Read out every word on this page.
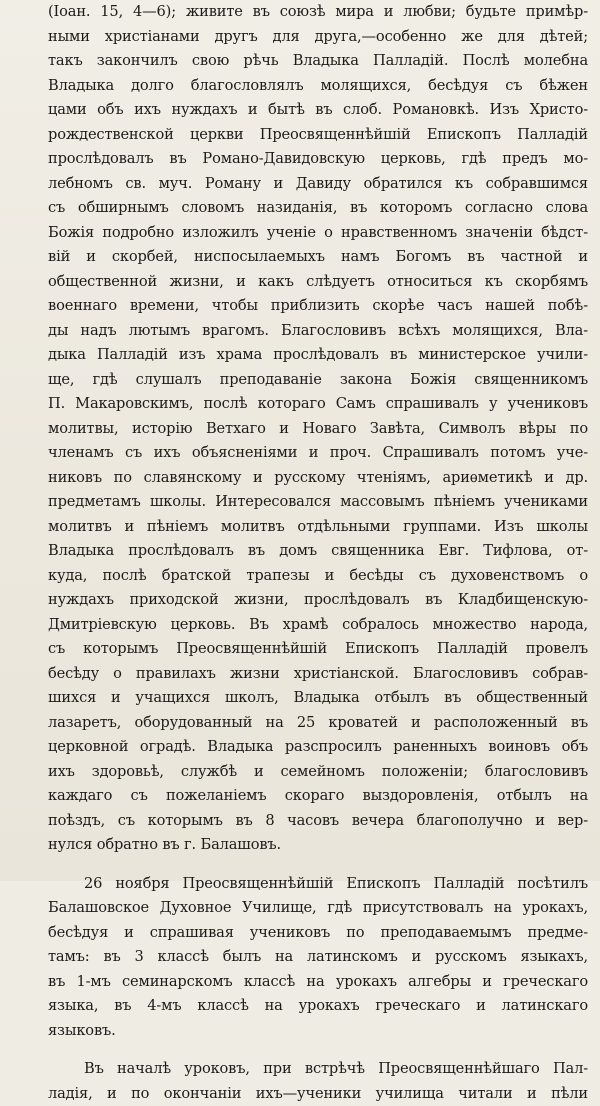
(Іоан. 15, 4—6); живите въ союзѣ мира и любви; будьте примѣр-
ными христіанами другъ для друга,—особенно же для дѣтей;
такъ закончилъ свою рѣчь Владыка Палладій. Послѣ молебна
Владыка долго благословлялъ молящихся, бесѣдуя съ бѣжен
цами объ ихъ нуждахъ и бытѣ въ слоб. Романовкѣ. Изъ Христо-
рождественской церкви Преосвященнѣйшій Епископъ Палладій
прослѣдовалъ въ Романо-Давидовскую церковь, гдѣ предъ мо-
лебномъ св. муч. Роману и Давиду обратился къ собравшимся
съ обширнымъ словомъ назиданія, въ которомъ согласно слова
Божія подробно изложилъ ученіе о нравственномъ значеніи бѣдст-
вій и скорбей, ниспосылаемыхъ намъ Богомъ въ частной и
общественной жизни, и какъ слѣдуетъ относиться къ скорбямъ
военнаго времени, чтобы приблизить скорѣе часъ нашей побѣ-
ды надъ лютымъ врагомъ. Благословивъ всѣхъ молящихся, Вла-
дыка Палладій изъ храма прослѣдовалъ въ министерское учили-
ще, гдѣ слушалъ преподаваніе закона Божія священникомъ
П. Макаровскимъ, послѣ котораго Самъ спрашивалъ у учениковъ
молитвы, исторію Ветхаго и Новаго Завѣта, Символъ вѣры по
членамъ съ ихъ объясненіями и проч. Спрашивалъ потомъ уче-
никовъ по славянскому и русскому чтеніямъ, ариѳметикѣ и др.
предметамъ школы. Интересовался массовымъ пѣніемъ учениками
молитвъ и пѣніемъ молитвъ отдѣльными группами. Изъ школы
Владыка прослѣдовалъ въ домъ священника Евг. Тифлова, от-
куда, послѣ братской трапезы и бесѣды съ духовенствомъ о
нуждахъ приходской жизни, прослѣдовалъ въ Кладбищенскую-
Дмитріевскую церковь. Въ храмѣ собралось множество народа,
съ которымъ Преосвященнѣйшій Епископъ Палладій провелъ
бесѣду о правилахъ жизни христіанской. Благословивъ собрав-
шихся и учащихся школъ, Владыка отбылъ въ общественный
лазаретъ, оборудованный на 25 кроватей и расположенный въ
церковной оградѣ. Владыка разспросилъ раненныхъ воиновъ объ
ихъ здоровьѣ, службѣ и семейномъ положеніи; благословивъ
каждаго съ пожеланіемъ скораго выздоровленія, отбылъ на
поѣздъ, съ которымъ въ 8 часовъ вечера благополучно и вер-
нулся обратно въ г. Балашовъ.
26 ноября Преосвященнѣйшій Епископъ Палладій посѣтилъ
Балашовское Духовное Училище, гдѣ присутствовалъ на урокахъ,
бесѣдуя и спрашивая учениковъ по преподаваемымъ предме-
тамъ: въ 3 классѣ былъ на латинскомъ и русскомъ языкахъ,
въ 1-мъ семинарскомъ классѣ на урокахъ алгебры и греческаго
языка, въ 4-мъ классѣ на урокахъ греческаго и латинскаго
языковъ.
Въ началѣ уроковъ, при встрѣчѣ Преосвященнѣйшаго Пал-
ладія, и по окончаніи ихъ—ученики училища читали и пѣли
